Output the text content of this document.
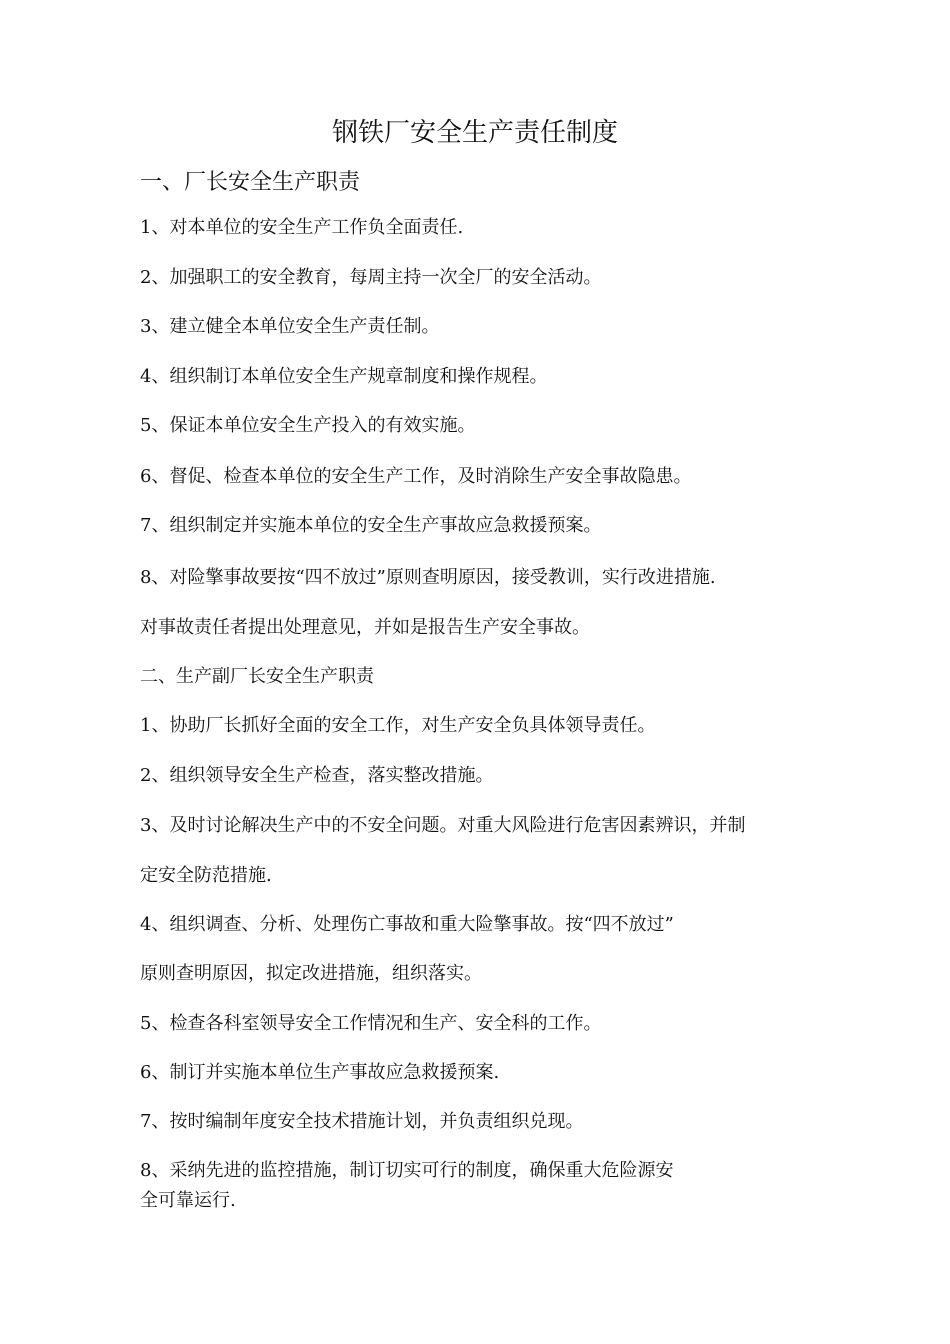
钢铁厂安全生产责任制度
一、厂长安全生产职责
1、对本单位的安全生产工作负全面责任.
2、加强职工的安全教育，每周主持一次全厂的安全活动。
3、建立健全本单位安全生产责任制。
4、组织制订本单位安全生产规章制度和操作规程。
5、保证本单位安全生产投入的有效实施。
6、督促、检查本单位的安全生产工作，及时消除生产安全事故隐患。
7、组织制定并实施本单位的安全生产事故应急救援预案。
8、对险擎事故要按“四不放过”原则查明原因，接受教训，实行改进措施.
对事故责任者提出处理意见，并如是报告生产安全事故。
二、生产副厂长安全生产职责
1、协助厂长抓好全面的安全工作，对生产安全负具体领导责任。
2、组织领导安全生产检查，落实整改措施。
3、及时讨论解决生产中的不安全问题。对重大风险进行危害因素辨识，并制
定安全防范措施.
4、组织调查、分析、处理伤亡事故和重大险擎事故。按“四不放过”
原则查明原因，拟定改进措施，组织落实。
5、检查各科室领导安全工作情况和生产、安全科的工作。
6、制订并实施本单位生产事故应急救援预案.
7、按时编制年度安全技术措施计划，并负责组织兑现。
8、采纳先进的监控措施，制订切实可行的制度，确保重大危险源安
全可靠运行.
